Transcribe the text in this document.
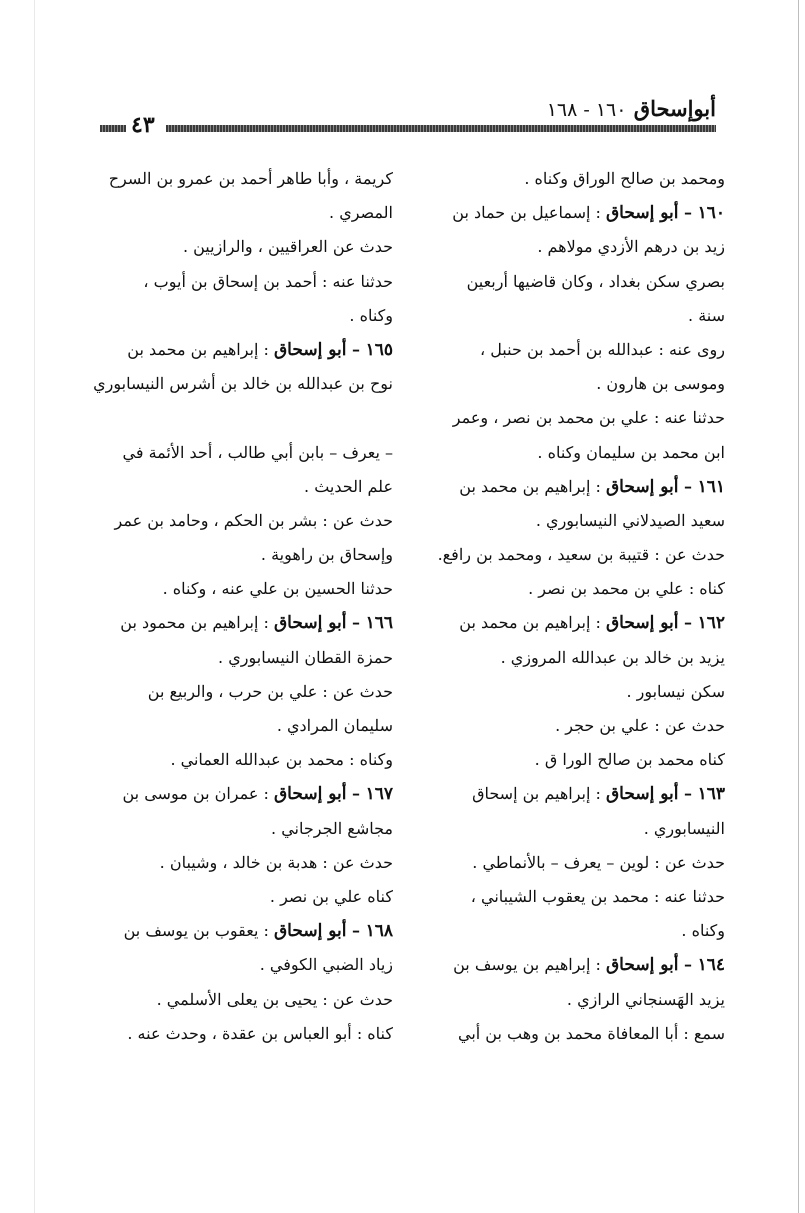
أبوإسحاق ١٦٠ - ١٦٨
٤٣
ومحمد بن صالح الوراق وكناه .
١٦٠ – أبو إسحاق : إسماعيل بن حماد بن
زيد بن درهم الأزدي مولاهم .
بصري سكن بغداد ، وكان قاضيها أربعين
سنة .
روى عنه : عبدالله بن أحمد بن حنبل ،
وموسى بن هارون .
حدثنا عنه : علي بن محمد بن نصر ، وعمر
ابن محمد بن سليمان وكناه .
١٦١ – أبو إسحاق : إبراهيم بن محمد بن
سعيد الصيدلاني النيسابوري .
حدث عن : قتيبة بن سعيد ، ومحمد بن رافع.
كناه : علي بن محمد بن نصر .
١٦٢ – أبو إسحاق : إبراهيم بن محمد بن
يزيد بن خالد بن عبدالله المروزي .
سكن نيسابور .
حدث عن : علي بن حجر .
كناه محمد بن صالح الورا ق .
١٦٣ – أبو إسحاق : إبراهيم بن إسحاق
النيسابوري .
حدث عن : لوين – يعرف – بالأنماطي .
حدثنا عنه : محمد بن يعقوب الشيباني ،
وكناه .
١٦٤ – أبو إسحاق : إبراهيم بن يوسف بن
يزيد الهَسنجاني الرازي .
سمع : أبا المعافاة محمد بن وهب بن أبي
كريمة ، وأبا طاهر أحمد بن عمرو بن السرح
المصري .
حدث عن العراقيين ، والرازيين .
حدثنا عنه : أحمد بن إسحاق بن أيوب ،
وكناه .
١٦٥ – أبو إسحاق : إبراهيم بن محمد بن
نوح بن عبدالله بن خالد بن أشرس النيسابوري
– يعرف – بابن أبي طالب ، أحد الأئمة في
علم الحديث .
حدث عن : بشر بن الحكم ، وحامد بن عمر
وإسحاق بن راهوية .
حدثنا الحسين بن علي عنه ، وكناه .
١٦٦ – أبو إسحاق : إبراهيم بن محمود بن
حمزة القطان النيسابوري .
حدث عن : علي بن حرب ، والربيع بن
سليمان المرادي .
وكناه : محمد بن عبدالله العماني .
١٦٧ – أبو إسحاق : عمران بن موسى بن
مجاشع الجرجاني .
حدث عن : هدبة بن خالد ، وشيبان .
كناه علي بن نصر .
١٦٨ – أبو إسحاق : يعقوب بن يوسف بن
زياد الضبي الكوفي .
حدث عن : يحيى بن يعلى الأسلمي .
كناه : أبو العباس بن عقدة ، وحدث عنه .
